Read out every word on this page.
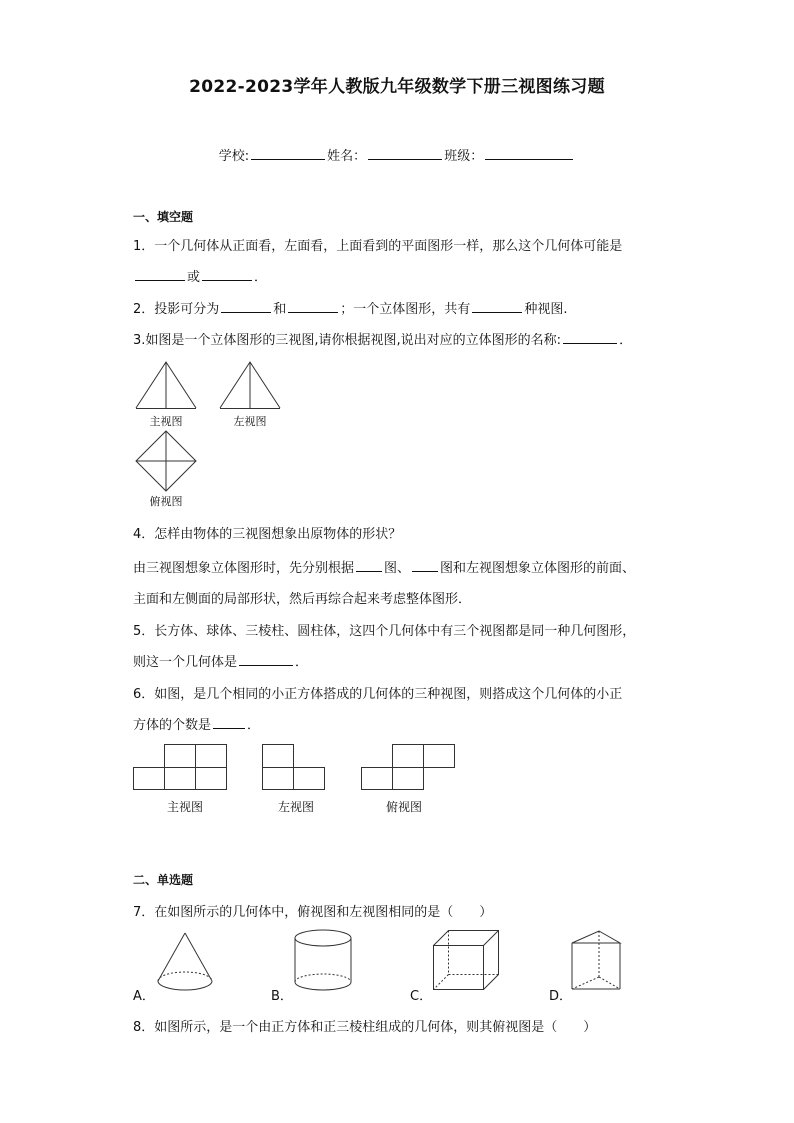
2022-2023学年人教版九年级数学下册三视图练习题
学校:	姓名：	班级：
一、填空题
1．一个几何体从正面看，左面看，上面看到的平面图形一样，那么这个几何体可能是
或	．
2．投影可分为	和	；一个立体图形，共有	种视图.
3.如图是一个立体图形的三视图,请你根据视图,说出对应的立体图形的名称:	．
主视图	左视图
俯视图
4．怎样由物体的三视图想象出原物体的形状？
由三视图想象立体图形时，先分别根据 图、 图和左视图想象立体图形的前面、
主面和左侧面的局部形状，然后再综合起来考虑整体图形．
5．长方体、球体、三棱柱、圆柱体，这四个几何体中有三个视图都是同一种几何图形，
则这一个几何体是	．
6．如图，是几个相同的小正方体搭成的几何体的三种视图，则搭成这个几何体的小正
方体的个数是	．
主视图	左视图	俯视图
二、单选题
7．在如图所示的几何体中，俯视图和左视图相同的是（　　）
A．	B．	C．	D．
8．如图所示，是一个由正方体和正三棱柱组成的几何体，则其俯视图是（　　）
